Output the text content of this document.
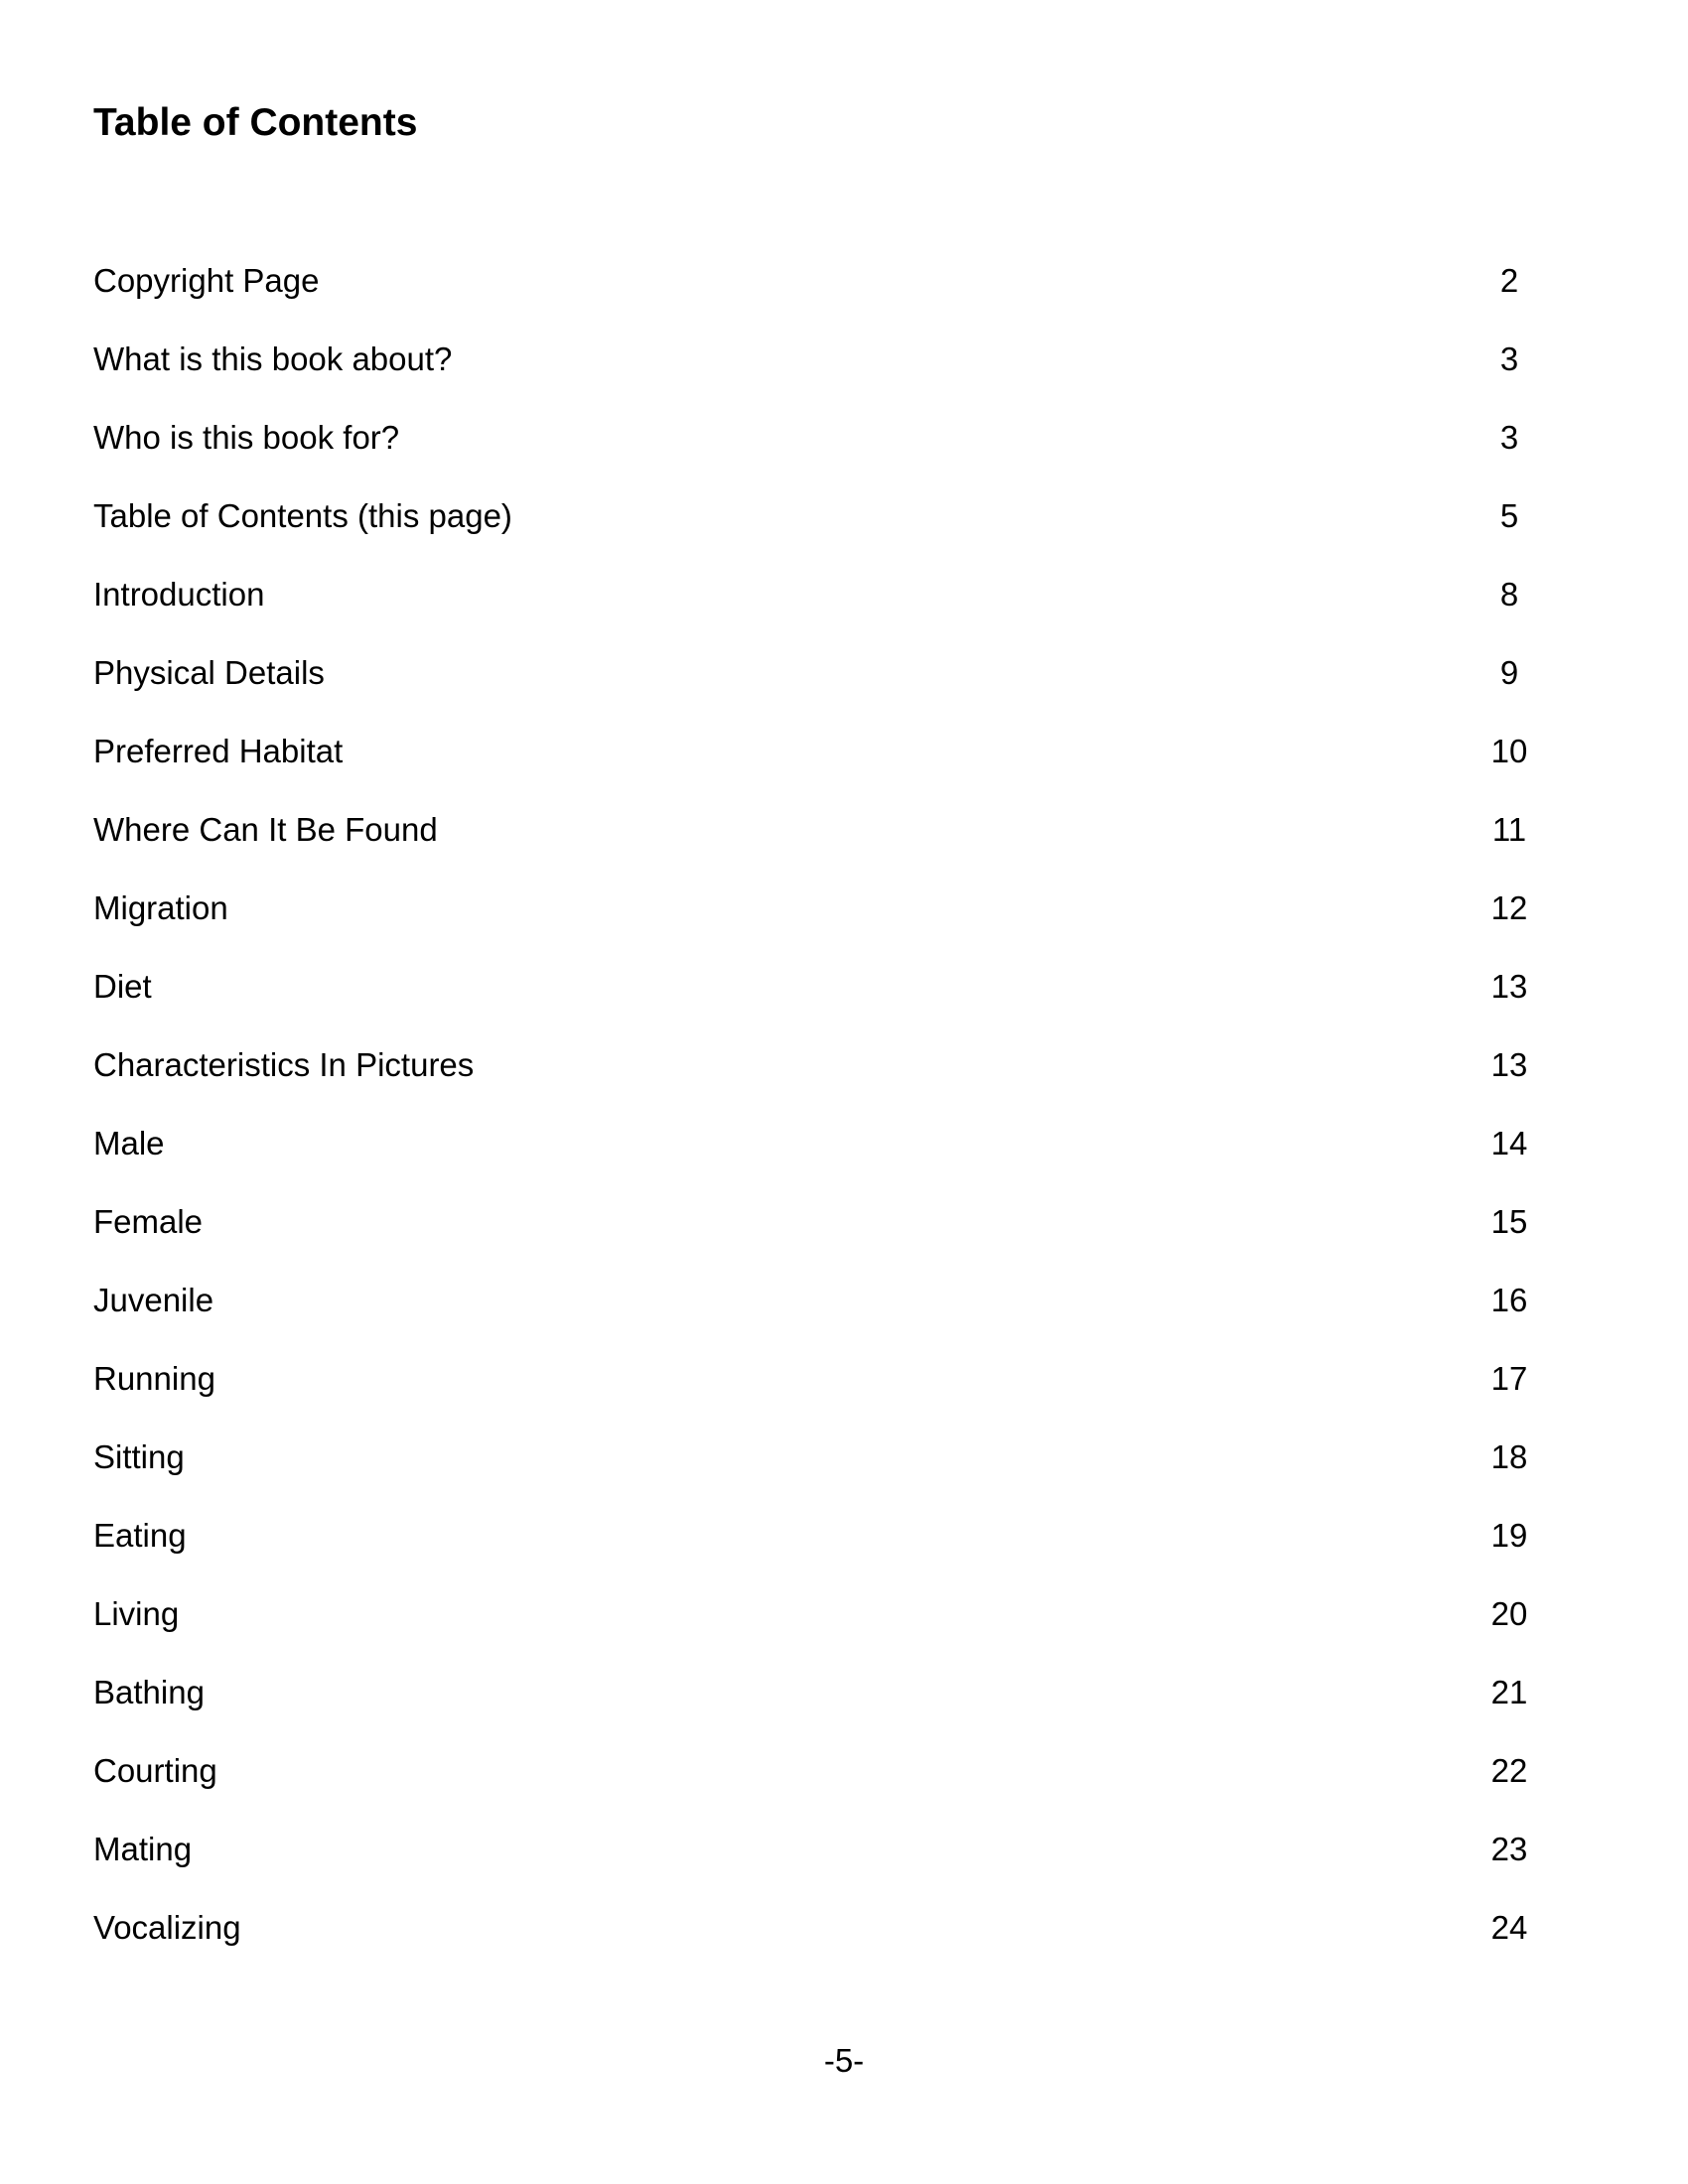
Table of Contents
Copyright Page	2
What is this book about?	3
Who is this book for?	3
Table of Contents (this page)	5
Introduction	8
Physical Details	9
Preferred Habitat	10
Where Can It Be Found	11
Migration	12
Diet	13
Characteristics In Pictures	13
Male	14
Female	15
Juvenile	16
Running	17
Sitting	18
Eating	19
Living	20
Bathing	21
Courting	22
Mating	23
Vocalizing	24
-5-
